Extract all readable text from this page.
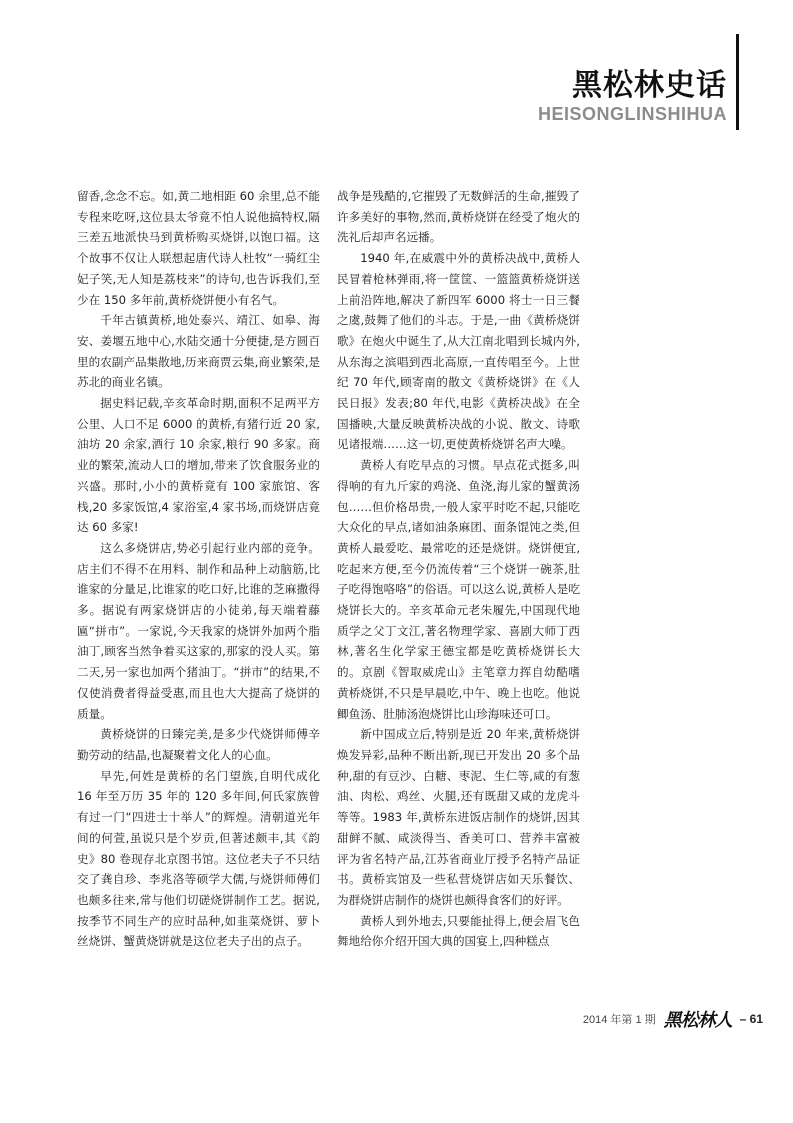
黑松林史话
HEISONGLINSHIHUA

留香,念念不忘。如,黄二地相距 60 余里,总不能专程来吃呀,这位县太爷竟不怕人说他搞特权,隔三差五地派快马到黄桥购买烧饼,以饱口福。这个故事不仅让人联想起唐代诗人杜牧“一骑红尘妃子笑,无人知是荔枝来”的诗句,也告诉我们,至少在 150 多年前,黄桥烧饼便小有名气。

千年古镇黄桥,地处泰兴、靖江、如皋、海安、姜堰五地中心,水陆交通十分便捷,是方圆百里的农副产品集散地,历来商贾云集,商业繁荣,是苏北的商业名镇。

据史料记载,辛亥革命时期,面积不足两平方公里、人口不足 6000 的黄桥,有猪行近 20 家,油坊 20 余家,酒行 10 余家,粮行 90 多家。商业的繁荣,流动人口的增加,带来了饮食服务业的兴盛。那时,小小的黄桥竟有 100 家旅馆、客栈,20 多家饭馆,4 家浴室,4 家书场,而烧饼店竟达 60 多家!

这么多烧饼店,势必引起行业内部的竞争。店主们不得不在用料、制作和品种上动脑筋,比谁家的分量足,比谁家的吃口好,比谁的芝麻撒得多。据说有两家烧饼店的小徒弟,每天端着藤匾“拼市”。一家说,今天我家的烧饼外加两个脂油丁,顾客当然争着买这家的,那家的没人买。第二天,另一家也加两个猪油丁。“拼市”的结果,不仅使消费者得益受惠,而且也大大提高了烧饼的质量。

黄桥烧饼的日臻完美,是多少代烧饼师傅辛勤劳动的结晶,也凝聚着文化人的心血。

早先,何姓是黄桥的名门望族,自明代成化 16 年至万历 35 年的 120 多年间,何氏家族曾有过一门“四进士十举人”的辉煌。清朝道光年间的何萱,虽说只是个岁贡,但著述颇丰,其《韵史》80 卷现存北京图书馆。这位老夫子不只结交了龚自珍、李兆洛等硕学大儒,与烧饼师傅们也颇多往来,常与他们切磋烧饼制作工艺。据说,按季节不同生产的应时品种,如韭菜烧饼、萝卜丝烧饼、蟹黄烧饼就是这位老夫子出的点子。

战争是残酷的,它摧毁了无数鲜活的生命,摧毁了许多美好的事物,然而,黄桥烧饼在经受了炮火的洗礼后却声名远播。

1940 年,在威震中外的黄桥决战中,黄桥人民冒着枪林弹雨,将一筐筐、一篮篮黄桥烧饼送上前沿阵地,解决了新四军 6000 将士一日三餐之虞,鼓舞了他们的斗志。于是,一曲《黄桥烧饼歌》在炮火中诞生了,从大江南北唱到长城内外,从东海之滨唱到西北高原,一直传唱至今。上世纪 70 年代,顾寄南的散文《黄桥烧饼》在《人民日报》发表;80 年代,电影《黄桥决战》在全国播映,大量反映黄桥决战的小说、散文、诗歌见诸报端……这一切,更使黄桥烧饼名声大噪。

黄桥人有吃早点的习惯。早点花式挺多,叫得响的有九斤家的鸡浇、鱼浇,海儿家的蟹黄汤包……但价格昂贵,一般人家平时吃不起,只能吃大众化的早点,诸如油条麻团、面条馄饨之类,但黄桥人最爱吃、最常吃的还是烧饼。烧饼便宜,吃起来方便,至今仍流传着“三个烧饼一碗茶,肚子吃得饱咯咯”的俗语。可以这么说,黄桥人是吃烧饼长大的。辛亥革命元老朱履先,中国现代地质学之父丁文江,著名物理学家、喜剧大师丁西林,著名生化学家王德宝都是吃黄桥烧饼长大的。京剧《智取威虎山》主笔章力挥自幼酷嗜黄桥烧饼,不只是早晨吃,中午、晚上也吃。他说鲫鱼汤、肚肺汤泡烧饼比山珍海味还可口。

新中国成立后,特别是近 20 年来,黄桥烧饼焕发异彩,品种不断出新,现已开发出 20 多个品种,甜的有豆沙、白糖、枣泥、生仁等,咸的有葱油、肉松、鸡丝、火腿,还有既甜又咸的龙虎斗等等。1983 年,黄桥东进饭店制作的烧饼,因其甜鲜不腻、咸淡得当、香美可口、营养丰富被评为省名特产品,江苏省商业厅授予名特产品证书。黄桥宾馆及一些私营烧饼店如天乐餐饮、为群烧饼店制作的烧饼也颇得食客们的好评。

黄桥人到外地去,只要能扯得上,便会眉飞色舞地给你介绍开国大典的国宴上,四种糕点

2014 年第 1 期 黑松林人 – 61
